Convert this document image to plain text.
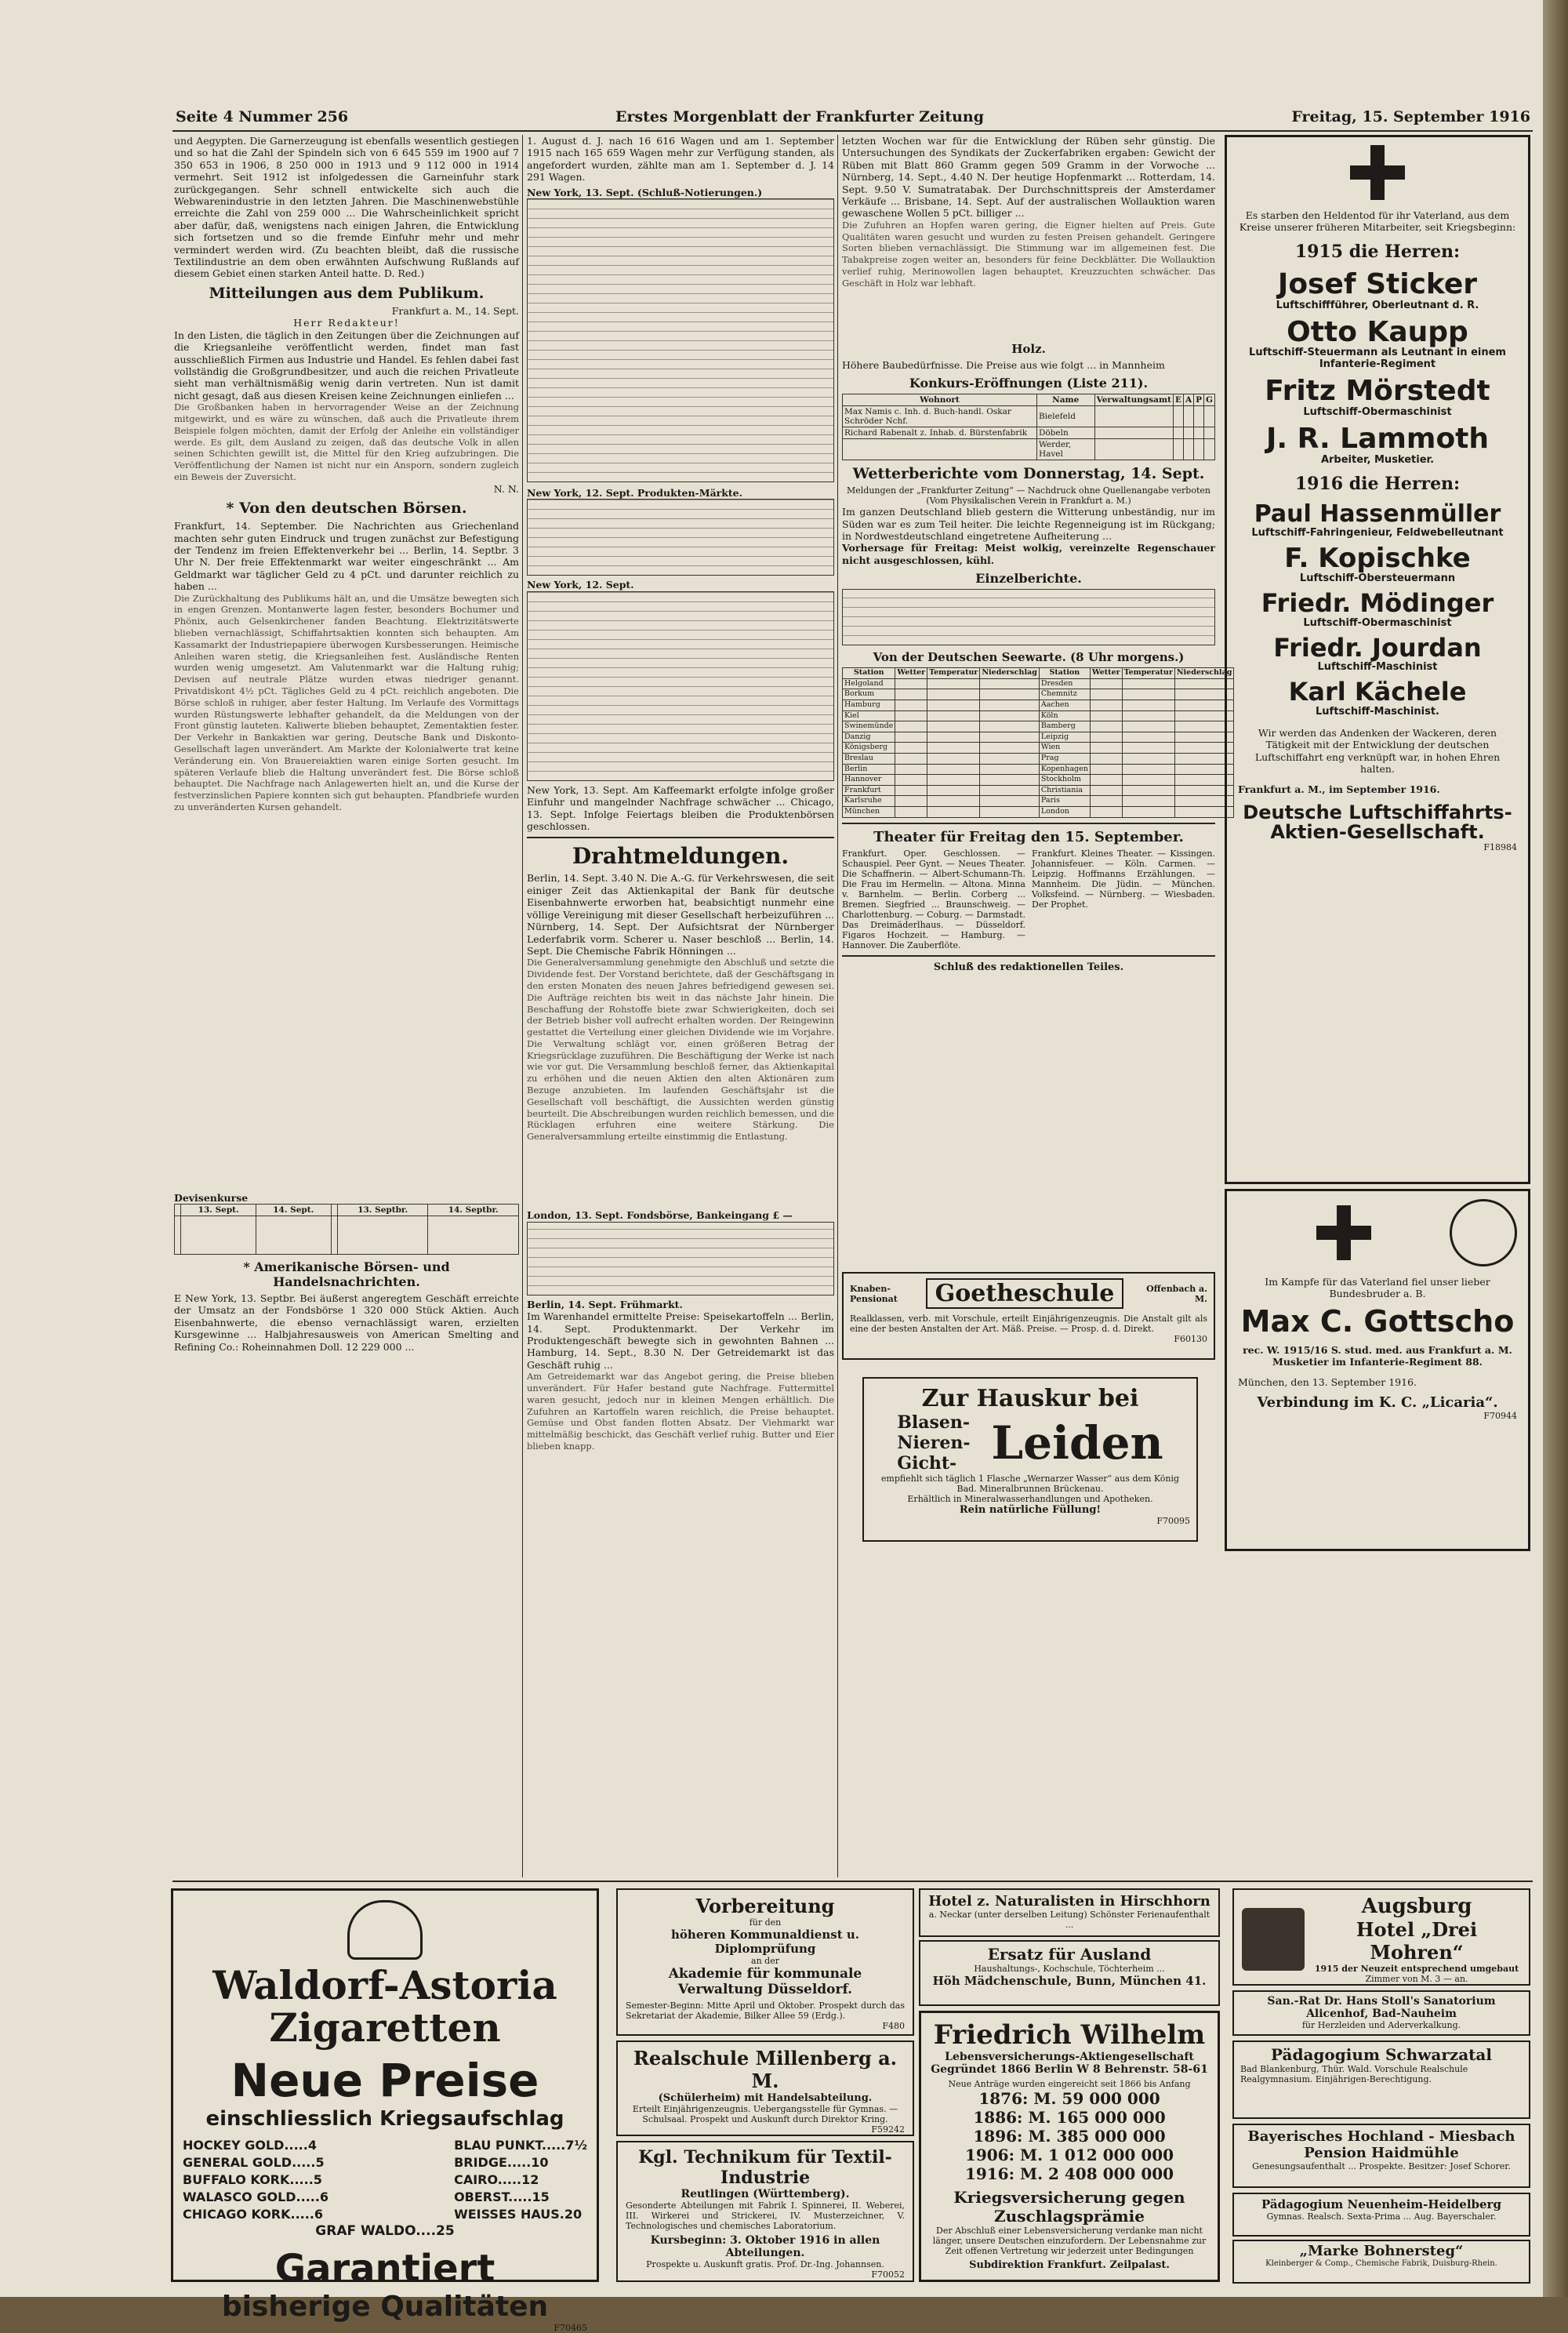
Seite 4 Nummer 256	Erstes Morgenblatt der Frankfurter Zeitung	Freitag, 15. September 1916
und Aegypten. Die Garnerzeugung ist ebenfalls wesentlich gestiegen und so hat die Zahl der Spindeln sich von 6 645 559 im 1900 auf 7 350 653 in 1906, 8 250 000 in 1913 und 9 112 000 in 1914 vermehrt. Seit 1912 ist infolgedessen die Garneinfuhr stark zurückgegangen. Sehr schnell entwickelte sich auch die Webwarenindustrie in den letzten Jahren. Die Maschinenwebstühle erreichte die Zahl von 259 000 ... Die Wahrscheinlichkeit spricht aber dafür, daß, wenigstens nach einigen Jahren, die Entwicklung sich fortsetzen und so die fremde Einfuhr mehr und mehr vermindert werden wird. (Zu beachten bleibt, daß die russische Textilindustrie an dem oben erwähnten Aufschwung Rußlands auf diesem Gebiet einen starken Anteil hatte. D. Red.)
Mitteilungen aus dem Publikum.
Frankfurt a. M., 14. Sept.
Herr Redakteur!
In den Listen, die täglich in den Zeitungen über die Zeichnungen auf die Kriegsanleihe veröffentlicht werden, findet man fast ausschließlich Firmen aus Industrie und Handel. Es fehlen dabei fast vollständig die Großgrundbesitzer, und auch die reichen Privatleute sieht man verhältnismäßig wenig darin vertreten. Nun ist damit nicht gesagt, daß aus diesen Kreisen keine Zeichnungen einliefen ...
Die Großbanken haben in hervorragender Weise an der Zeichnung mitgewirkt, und es wäre zu wünschen, daß auch die Privatleute ihrem Beispiele folgen möchten, damit der Erfolg der Anleihe ein vollständiger werde. Es gilt, dem Ausland zu zeigen, daß das deutsche Volk in allen seinen Schichten gewillt ist, die Mittel für den Krieg aufzubringen. Die Veröffentlichung der Namen ist nicht nur ein Ansporn, sondern zugleich ein Beweis der Zuversicht.
N. N.
* Von den deutschen Börsen.
Frankfurt, 14. September. Die Nachrichten aus Griechenland machten sehr guten Eindruck und trugen zunächst zur Befestigung der Tendenz im freien Effektenverkehr bei ... Berlin, 14. Septbr. 3 Uhr N. Der freie Effektenmarkt war weiter eingeschränkt ... Am Geldmarkt war täglicher Geld zu 4 pCt. und darunter reichlich zu haben ...
Die Zurückhaltung des Publikums hält an, und die Umsätze bewegten sich in engen Grenzen. Montanwerte lagen fester, besonders Bochumer und Phönix, auch Gelsenkirchener fanden Beachtung. Elektrizitätswerte blieben vernachlässigt, Schiffahrtsaktien konnten sich behaupten. Am Kassamarkt der Industriepapiere überwogen Kursbesserungen. Heimische Anleihen waren stetig, die Kriegsanleihen fest. Ausländische Renten wurden wenig umgesetzt. Am Valutenmarkt war die Haltung ruhig; Devisen auf neutrale Plätze wurden etwas niedriger genannt. Privatdiskont 4½ pCt. Tägliches Geld zu 4 pCt. reichlich angeboten. Die Börse schloß in ruhiger, aber fester Haltung. Im Verlaufe des Vormittags wurden Rüstungswerte lebhafter gehandelt, da die Meldungen von der Front günstig lauteten. Kaliwerte blieben behauptet, Zementaktien fester. Der Verkehr in Bankaktien war gering, Deutsche Bank und Diskonto-Gesellschaft lagen unverändert. Am Markte der Kolonialwerte trat keine Veränderung ein. Von Brauereiaktien waren einige Sorten gesucht. Im späteren Verlaufe blieb die Haltung unverändert fest. Die Börse schloß behauptet. Die Nachfrage nach Anlagewerten hielt an, und die Kurse der festverzinslichen Papiere konnten sich gut behaupten. Pfandbriefe wurden zu unveränderten Kursen gehandelt.
Devisenkurse
	13. Sept.	14. Sept.		13. Septbr.	14. Septbr.

* Amerikanische Börsen- und Handelsnachrichten.
E New York, 13. Septbr. Bei äußerst angeregtem Geschäft erreichte der Umsatz an der Fondsbörse 1 320 000 Stück Aktien. Auch Eisenbahnwerte, die ebenso vernachlässigt waren, erzielten Kursgewinne ... Halbjahresausweis von American Smelting and Refining Co.: Roheinnahmen Doll. 12 229 000 ...
1. August d. J. nach 16 616 Wagen und am 1. September 1915 nach 165 659 Wagen mehr zur Verfügung standen, als angefordert wurden, zählte man am 1. September d. J. 14 291 Wagen.
New York, 13. Sept. (Schluß-Notierungen.)
New York, 12. Sept. Produkten-Märkte.
New York, 12. Sept.
New York, 13. Sept. Am Kaffeemarkt erfolgte infolge großer Einfuhr und mangelnder Nachfrage schwächer ... Chicago, 13. Sept. Infolge Feiertags bleiben die Produktenbörsen geschlossen.
Drahtmeldungen.
Berlin, 14. Sept. 3.40 N. Die A.-G. für Verkehrswesen, die seit einiger Zeit das Aktienkapital der Bank für deutsche Eisenbahnwerte erworben hat, beabsichtigt nunmehr eine völlige Vereinigung mit dieser Gesellschaft herbeizuführen ... Nürnberg, 14. Sept. Der Aufsichtsrat der Nürnberger Lederfabrik vorm. Scherer u. Naser beschloß ... Berlin, 14. Sept. Die Chemische Fabrik Hönningen ...
Die Generalversammlung genehmigte den Abschluß und setzte die Dividende fest. Der Vorstand berichtete, daß der Geschäftsgang in den ersten Monaten des neuen Jahres befriedigend gewesen sei. Die Aufträge reichten bis weit in das nächste Jahr hinein. Die Beschaffung der Rohstoffe biete zwar Schwierigkeiten, doch sei der Betrieb bisher voll aufrecht erhalten worden. Der Reingewinn gestattet die Verteilung einer gleichen Dividende wie im Vorjahre. Die Verwaltung schlägt vor, einen größeren Betrag der Kriegsrücklage zuzuführen. Die Beschäftigung der Werke ist nach wie vor gut. Die Versammlung beschloß ferner, das Aktienkapital zu erhöhen und die neuen Aktien den alten Aktionären zum Bezuge anzubieten. Im laufenden Geschäftsjahr ist die Gesellschaft voll beschäftigt, die Aussichten werden günstig beurteilt. Die Abschreibungen wurden reichlich bemessen, und die Rücklagen erfuhren eine weitere Stärkung. Die Generalversammlung erteilte einstimmig die Entlastung.
London, 13. Sept. Fondsbörse, Bankeingang £ —
Berlin, 14. Sept. Frühmarkt.
Im Warenhandel ermittelte Preise: Speisekartoffeln ... Berlin, 14. Sept. Produktenmarkt. Der Verkehr im Produktengeschäft bewegte sich in gewohnten Bahnen ... Hamburg, 14. Sept., 8.30 N. Der Getreidemarkt ist das Geschäft ruhig ...
Am Getreidemarkt war das Angebot gering, die Preise blieben unverändert. Für Hafer bestand gute Nachfrage. Futtermittel waren gesucht, jedoch nur in kleinen Mengen erhältlich. Die Zufuhren an Kartoffeln waren reichlich, die Preise behauptet. Gemüse und Obst fanden flotten Absatz. Der Viehmarkt war mittelmäßig beschickt, das Geschäft verlief ruhig. Butter und Eier blieben knapp.
letzten Wochen war für die Entwicklung der Rüben sehr günstig. Die Untersuchungen des Syndikats der Zuckerfabriken ergaben: Gewicht der Rüben mit Blatt 860 Gramm gegen 509 Gramm in der Vorwoche ... Nürnberg, 14. Sept., 4.40 N. Der heutige Hopfenmarkt ... Rotterdam, 14. Sept. 9.50 V. Sumatratabak. Der Durchschnittspreis der Amsterdamer Verkäufe ... Brisbane, 14. Sept. Auf der australischen Wollauktion waren gewaschene Wollen 5 pCt. billiger ...
Die Zufuhren an Hopfen waren gering, die Eigner hielten auf Preis. Gute Qualitäten waren gesucht und wurden zu festen Preisen gehandelt. Geringere Sorten blieben vernachlässigt. Die Stimmung war im allgemeinen fest. Die Tabakpreise zogen weiter an, besonders für feine Deckblätter. Die Wollauktion verlief ruhig, Merinowollen lagen behauptet, Kreuzzuchten schwächer. Das Geschäft in Holz war lebhaft.
Holz.
Höhere Baubedürfnisse. Die Preise aus wie folgt ... in Mannheim
Konkurs-Eröffnungen (Liste 211).
Wohnort	Name	Verwaltungsamt	E	A	P	G
Max Namis c. Inh. d. Buch-handl. Oskar Schröder Nchf.	Bielefeld					
Richard Rabenalt z. Inhab. d. Bürstenfabrik	Döbeln					
	Werder, Havel					
Wetterberichte vom Donnerstag, 14. Sept.
Meldungen der „Frankfurter Zeitung“ — Nachdruck ohne Quellenangabe verboten
(Vom Physikalischen Verein in Frankfurt a. M.)
Im ganzen Deutschland blieb gestern die Witterung unbeständig, nur im Süden war es zum Teil heiter. Die leichte Regenneigung ist im Rückgang; in Nordwestdeutschland eingetretene Aufheiterung ...
Vorhersage für Freitag: Meist wolkig, vereinzelte Regenschauer nicht ausgeschlossen, kühl.
Einzelberichte.
Von der Deutschen Seewarte. (8 Uhr morgens.)
Station	Wetter	Temperatur	Niederschlag	Station	Wetter	Temperatur	Niederschlag
Helgoland				Dresden			
Borkum				Chemnitz			
Hamburg				Aachen			
Kiel				Köln			
Swinemünde				Bamberg			
Danzig				Leipzig			
Königsberg				Wien			
Breslau				Prag			
Berlin				Kopenhagen			
Hannover				Stockholm			
Frankfurt				Christiania			
Karlsruhe				Paris			
München				London			
Theater für Freitag den 15. September.
Frankfurt. Oper. Geschlossen. — Schauspiel. Peer Gynt. — Neues Theater. Die Schaffnerin. — Albert-Schumann-Th. Die Frau im Hermelin. — Altona. Minna v. Barnhelm. — Berlin. Corberg ... Bremen. Siegfried ... Braunschweig. — Charlottenburg. — Coburg. — Darmstadt. Das Dreimäderlhaus. — Düsseldorf. Figaros Hochzeit. — Hamburg. — Hannover. Die Zauberflöte.
Frankfurt. Kleines Theater. — Kissingen. Johannisfeuer. — Köln. Carmen. — Leipzig. Hoffmanns Erzählungen. — Mannheim. Die Jüdin. — München. Volksfeind. — Nürnberg. — Wiesbaden. Der Prophet.
Schluß des redaktionellen Teiles.
Knaben-Pensionat	Goetheschule	Offenbach a. M.
Realklassen, verb. mit Vorschule, erteilt Einjährigenzeugnis. Die Anstalt gilt als eine der besten Anstalten der Art. Mäß. Preise. — Prosp. d. d. Direkt.
F60130
Zur Hauskur bei
Blasen- Nieren- Gicht- Leiden
empfiehlt sich täglich 1 Flasche „Wernarzer Wasser“ aus dem König Bad. Mineralbrunnen Brückenau.
Erhältlich in Mineralwasserhandlungen und Apotheken.
Rein natürliche Füllung!
F70095
Es starben den Heldentod für ihr Vaterland, aus dem Kreise unserer früheren Mitarbeiter, seit Kriegsbeginn:
1915 die Herren:
Josef Sticker
Luftschiffführer, Oberleutnant d. R.
Otto Kaupp
Luftschiff-Steuermann als Leutnant in einem Infanterie-Regiment
Fritz Mörstedt
Luftschiff-Obermaschinist
J. R. Lammoth
Arbeiter, Musketier.
1916 die Herren:
Paul Hassenmüller
Luftschiff-Fahringenieur, Feldwebelleutnant
F. Kopischke
Luftschiff-Obersteuermann
Friedr. Mödinger
Luftschiff-Obermaschinist
Friedr. Jourdan
Luftschiff-Maschinist
Karl Kächele
Luftschiff-Maschinist.
Wir werden das Andenken der Wackeren, deren Tätigkeit mit der Entwicklung der deutschen Luftschiffahrt eng verknüpft war, in hohen Ehren halten.
Frankfurt a. M., im September 1916.
Deutsche Luftschiffahrts-Aktien-Gesellschaft.
F18984
Im Kampfe für das Vaterland fiel unser lieber Bundesbruder a. B.
Max C. Gottscho
rec. W. 1915/16 S. stud. med. aus Frankfurt a. M. Musketier im Infanterie-Regiment 88.
München, den 13. September 1916.
Verbindung im K. C. „Licaria“.
F70944
Waldorf-Astoria Zigaretten
Neue Preise
einschliesslich Kriegsaufschlag
HOCKEY GOLD.....4
GENERAL GOLD.....5
BUFFALO KORK.....5
WALASCO GOLD.....6
CHICAGO KORK.....6
BLAU PUNKT.....7½
BRIDGE.....10
CAIRO.....12
OBERST.....15
WEISSES HAUS.20
GRAF WALDO....25
Garantiert
bisherige Qualitäten
F70465
Vorbereitung
für den
höheren Kommunaldienst u. Diplomprüfung
an der
Akademie für kommunale Verwaltung Düsseldorf.
Semester-Beginn: Mitte April und Oktober. Prospekt durch das Sekretariat der Akademie, Bilker Allee 59 (Erdg.).
F480
Realschule Millenberg a. M.
(Schülerheim) mit Handelsabteilung.
Erteilt Einjährigenzeugnis. Uebergangsstelle für Gymnas. — Schulsaal. Prospekt und Auskunft durch Direktor Kring.
F59242
Kgl. Technikum für Textil-Industrie
Reutlingen (Württemberg).
Gesonderte Abteilungen mit Fabrik I. Spinnerei, II. Weberei, III. Wirkerei und Strickerei, IV. Musterzeichner, V. Technologisches und chemisches Laboratorium.
Kursbeginn: 3. Oktober 1916 in allen Abteilungen.
Prospekte u. Auskunft gratis. Prof. Dr.-Ing. Johannsen.
F70052
Hotel z. Naturalisten in Hirschhorn
a. Neckar (unter derselben Leitung) Schönster Ferienaufenthalt ...
Ersatz für Ausland
Haushaltungs-, Kochschule, Töchterheim ...
Höh Mädchenschule, Bunn, München 41.
Friedrich Wilhelm
Lebensversicherungs-Aktiengesellschaft
Gegründet 1866 Berlin W 8 Behrenstr. 58-61
Neue Anträge wurden eingereicht seit 1866 bis Anfang
1876: M. 59 000 000
1886: M. 165 000 000
1896: M. 385 000 000
1906: M. 1 012 000 000
1916: M. 2 408 000 000
Kriegsversicherung gegen Zuschlagsprämie
Der Abschluß einer Lebensversicherung verdanke man nicht länger, unsere Deutschen einzufordern. Der Lebensnahme zur Zeit offenen Vertretung wir jederzeit unter Bedingungen
Subdirektion Frankfurt. Zeilpalast.
Augsburg
Hotel „Drei Mohren“
1915 der Neuzeit entsprechend umgebaut
Zimmer von M. 3 — an.
San.-Rat Dr. Hans Stoll's Sanatorium Alicenhof, Bad-Nauheim
für Herzleiden und Aderverkalkung.
Pädagogium Schwarzatal
Bad Blankenburg, Thür. Wald. Vorschule Realschule Realgymnasium. Einjährigen-Berechtigung.
Bayerisches Hochland - Miesbach
Pension Haidmühle
Genesungsaufenthalt ... Prospekte. Besitzer: Josef Schorer.
Pädagogium Neuenheim-Heidelberg
Gymnas. Realsch. Sexta-Prima ... Aug. Bayerschaler.
„Marke Bohnersteg“
Kleinberger & Comp., Chemische Fabrik, Duisburg-Rhein.
